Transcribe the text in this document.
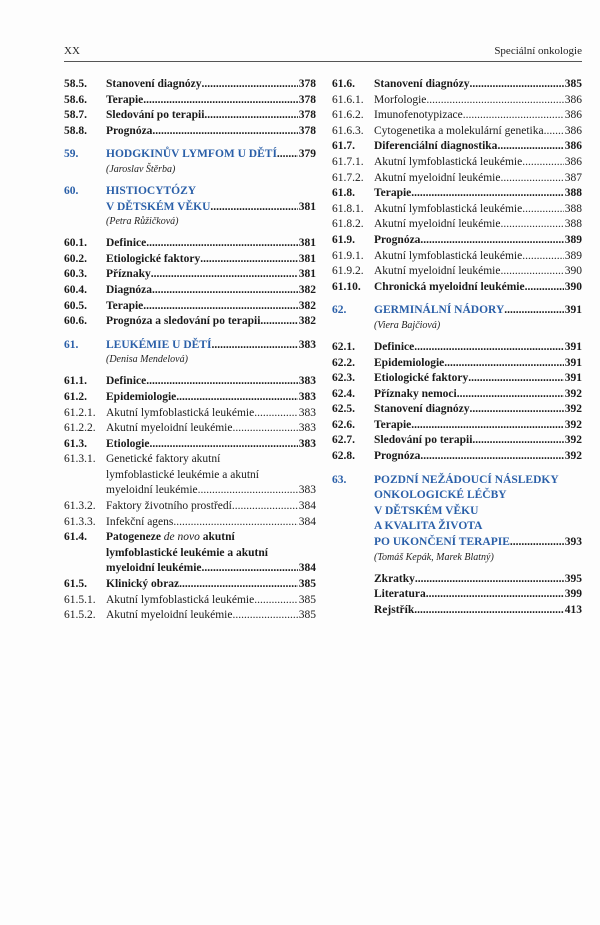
XX	Speciální onkologie
58.5. Stanovení diagnózy .....	378
58.6. Terapie .....	378
58.7. Sledování po terapii .....	378
58.8. Prognóza .....	378
59. HODGKINŮV LYMFOM U DĚTÍ ..... 379
(Jaroslav Štěrba)
60. HISTIOCYTÓZY
V DĚTSKÉM VĚKU .....	381
(Petra Růžičková)
60.1. Definice .....	381
60.2. Etiologické faktory .....	381
60.3. Příznaky .....	381
60.4. Diagnóza .....	382
60.5. Terapie .....	382
60.6. Prognóza a sledování po terapii .....	382
61. LEUKÉMIE U DĚTÍ .....	383
(Denisa Mendelová)
61.1. Definice .....	383
61.2. Epidemiologie .....	383
61.2.1. Akutní lymfoblastická leukémie .....	383
61.2.2. Akutní myeloidní leukémie .....	383
61.3. Etiologie .....	383
61.3.1. Genetické faktory akutní
lymfoblastické leukémie a akutní
myeloidní leukémie .....	383
61.3.2. Faktory životního prostředí .....	384
61.3.3. Infekční agens .....	384
61.4. Patogeneze de novo akutní
lymfoblastické leukémie a akutní
myeloidní leukémie .....	384
61.5. Klinický obraz .....	385
61.5.1. Akutní lymfoblastická leukémie .....	385
61.5.2. Akutní myeloidní leukémie .....	385
61.6. Stanovení diagnózy .....	385
61.6.1. Morfologie .....	386
61.6.2. Imunofenotypizace .....	386
61.6.3. Cytogenetika a molekulární genetika ..... 386
61.7. Diferenciální diagnostika .....	386
61.7.1. Akutní lymfoblastická leukémie .....	386
61.7.2. Akutní myeloidní leukémie .....	387
61.8. Terapie .....	388
61.8.1. Akutní lymfoblastická leukémie .....	388
61.8.2. Akutní myeloidní leukémie .....	388
61.9. Prognóza .....	389
61.9.1. Akutní lymfoblastická leukémie .....	389
61.9.2. Akutní myeloidní leukémie .....	390
61.10. Chronická myeloidní leukémie .....	390
62. GERMINÁLNÍ NÁDORY .....	391
(Viera Bajčiová)
62.1. Definice .....	391
62.2. Epidemiologie .....	391
62.3. Etiologické faktory .....	391
62.4. Příznaky nemoci .....	392
62.5. Stanovení diagnózy .....	392
62.6. Terapie .....	392
62.7. Sledování po terapii .....	392
62.8. Prognóza .....	392
63. POZDNÍ NEŽÁDOUCÍ NÁSLEDKY
ONKOLOGICKÉ LÉČBY
V DĚTSKÉM VĚKU
A KVALITA ŽIVOTA
PO UKONČENÍ TERAPIE .....	393
(Tomáš Kepák, Marek Blatný)
Zkratky .....	395
Literatura .....	399
Rejstřík .....	413
